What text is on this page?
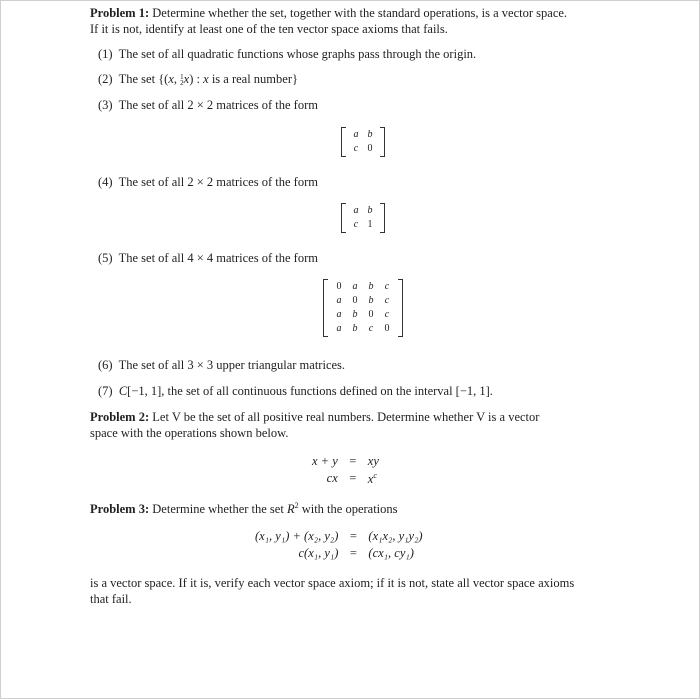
Problem 1: Determine whether the set, together with the standard operations, is a vector space.
If it is not, identify at least one of the ten vector space axioms that fails.
(1) The set of all quadratic functions whose graphs pass through the origin.
(2) The set {(x, 1
2x) : x is a real number}
(3) The set of all 2 × 2 matrices of the form
a b
c 0
(4) The set of all 2 × 2 matrices of the form
a b
c 1
(5) The set of all 4 × 4 matrices of the form
0	a	b	c
a	0	b	c
a	b	0	c
a	b	c	0
(6) The set of all 3 × 3 upper triangular matrices.
(7) C[−1, 1], the set of all continuous functions defined on the interval [−1, 1].
Problem 2: Let V be the set of all positive real numbers. Determine whether V is a vector
space with the operations shown below.
x + y = xy
cx = $x^c$
Problem 3: Determine whether the set $R^2$ with the operations
(x₁, y₁) + (x₂, y₂) = (x₁x₂, y₁y₂)
c(x₁, y₁) = (cx₁, cy₁)
is a vector space. If it is, verify each vector space axiom; if it is not, state all vector space axioms
that fail.
